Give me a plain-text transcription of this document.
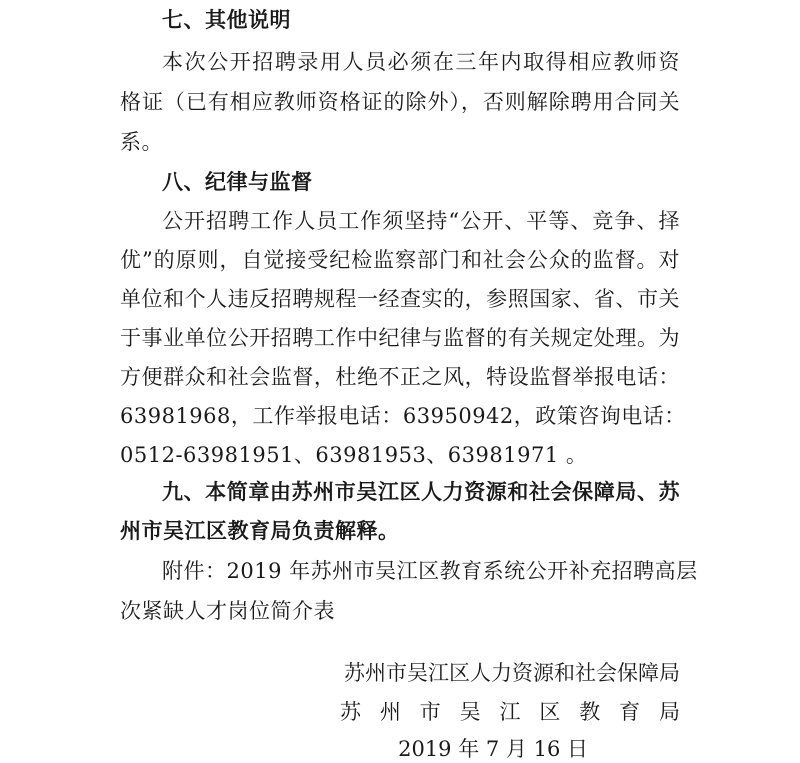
七、其他说明
本次公开招聘录用人员必须在三年内取得相应教师资
格证（已有相应教师资格证的除外），否则解除聘用合同关
系。
八、纪律与监督
公开招聘工作人员工作须坚持“公开、平等、竞争、择
优”的原则，自觉接受纪检监察部门和社会公众的监督。对
单位和个人违反招聘规程一经查实的，参照国家、省、市关
于事业单位公开招聘工作中纪律与监督的有关规定处理。为
方便群众和社会监督，杜绝不正之风，特设监督举报电话：
63981968，工作举报电话：63950942，政策咨询电话：
0512-63981951、63981953、63981971 。
九、本简章由苏州市吴江区人力资源和社会保障局、苏
州市吴江区教育局负责解释。
附件：2019 年苏州市吴江区教育系统公开补充招聘高层
次紧缺人才岗位简介表
苏州市吴江区人力资源和社会保障局
苏 州 市 吴 江 区 教 育 局
2019 年 7 月 16 日
